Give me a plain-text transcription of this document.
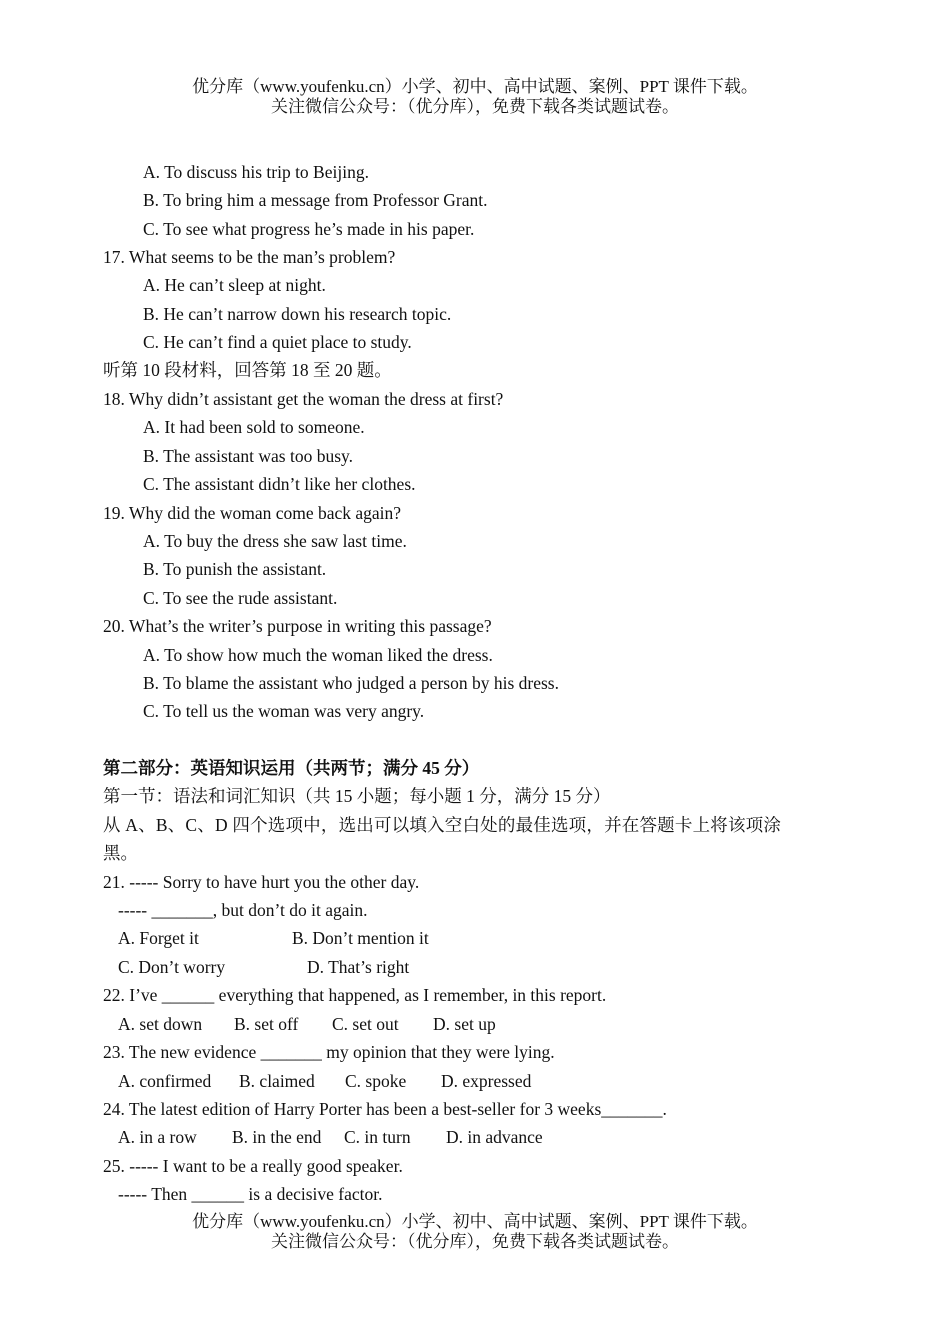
优分库（www.youfenku.cn）小学、初中、高中试题、案例、PPT 课件下载。
关注微信公众号：（优分库），免费下载各类试题试卷。
A. To discuss his trip to Beijing.
B. To bring him a message from Professor Grant.
C. To see what progress he’s made in his paper.
17. What seems to be the man’s problem?
A. He can’t sleep at night.
B. He can’t narrow down his research topic.
C. He can’t find a quiet place to study.
听第 10 段材料，回答第 18 至 20 题。
18. Why didn’t assistant get the woman the dress at first?
A. It had been sold to someone.
B. The assistant was too busy.
C. The assistant didn’t like her clothes.
19. Why did the woman come back again?
A. To buy the dress she saw last time.
B. To punish the assistant.
C. To see the rude assistant.
20. What’s the writer’s purpose in writing this passage?
A. To show how much the woman liked the dress.
B. To blame the assistant who judged a person by his dress.
C. To tell us the woman was very angry.
第二部分：英语知识运用（共两节；满分 45 分）
第一节：语法和词汇知识（共 15 小题；每小题 1 分，满分 15 分）
从 A、B、C、D 四个选项中，选出可以填入空白处的最佳选项，并在答题卡上将该项涂
黑。
21. ----- Sorry to have hurt you the other day.
----- _______, but don’t do it again.
A. Forget it	B. Don’t mention it
C. Don’t worry	D. That’s right
22. I’ve ______ everything that happened, as I remember, in this report.
A. set down B. set off C. set out D. set up
23. The new evidence _______ my opinion that they were lying.
A. confirmed B. claimed C. spoke D. expressed
24. The latest edition of Harry Porter has been a best-seller for 3 weeks_______.
A. in a row B. in the end C. in turn D. in advance
25. ----- I want to be a really good speaker.
----- Then ______ is a decisive factor.
优分库（www.youfenku.cn）小学、初中、高中试题、案例、PPT 课件下载。
关注微信公众号：（优分库），免费下载各类试题试卷。
